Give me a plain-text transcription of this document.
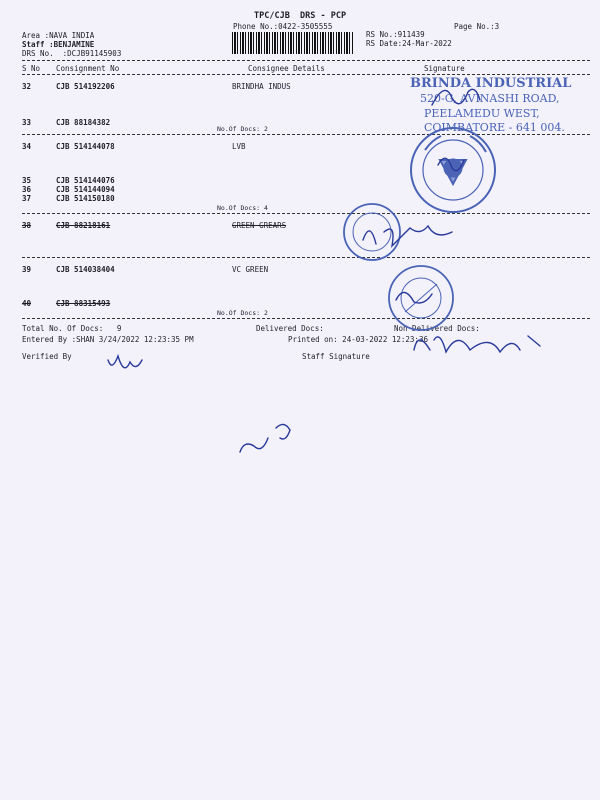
TPC/CJB  DRS - PCP
Phone No.:0422-3505555	Page No.:3
Area :NAVA INDIA
Staff :BENJAMINE
DRS No.  :DCJB91145903
RS No.:911439
RS Date:24-Mar-2022
S No Consignment No	Consignee Details	Signature
32	CJB 514192206	BRINDHA INDUS
33	CJB 88184382
No.Of Docs: 2
34	CJB 514144078	LVB
35	CJB 514144076
36	CJB 514144094
37	CJB 514150180
No.Of Docs: 4
38	CJB 88218161	GREEN GREARS
39	CJB 514038404	VC GREEN
40	CJB 88315493
No.Of Docs: 2
Total No. Of Docs:   9	Delivered Docs:	Non Delivered Docs:
Entered By :SHAN 3/24/2022 12:23:35 PM	Printed on: 24-03-2022 12:23:36
Verified By	Staff Signature
BRINDA INDUSTRIAL
520-G, AVINASHI ROAD,
PEELAMEDU WEST,
COIMBATORE - 641 004.
